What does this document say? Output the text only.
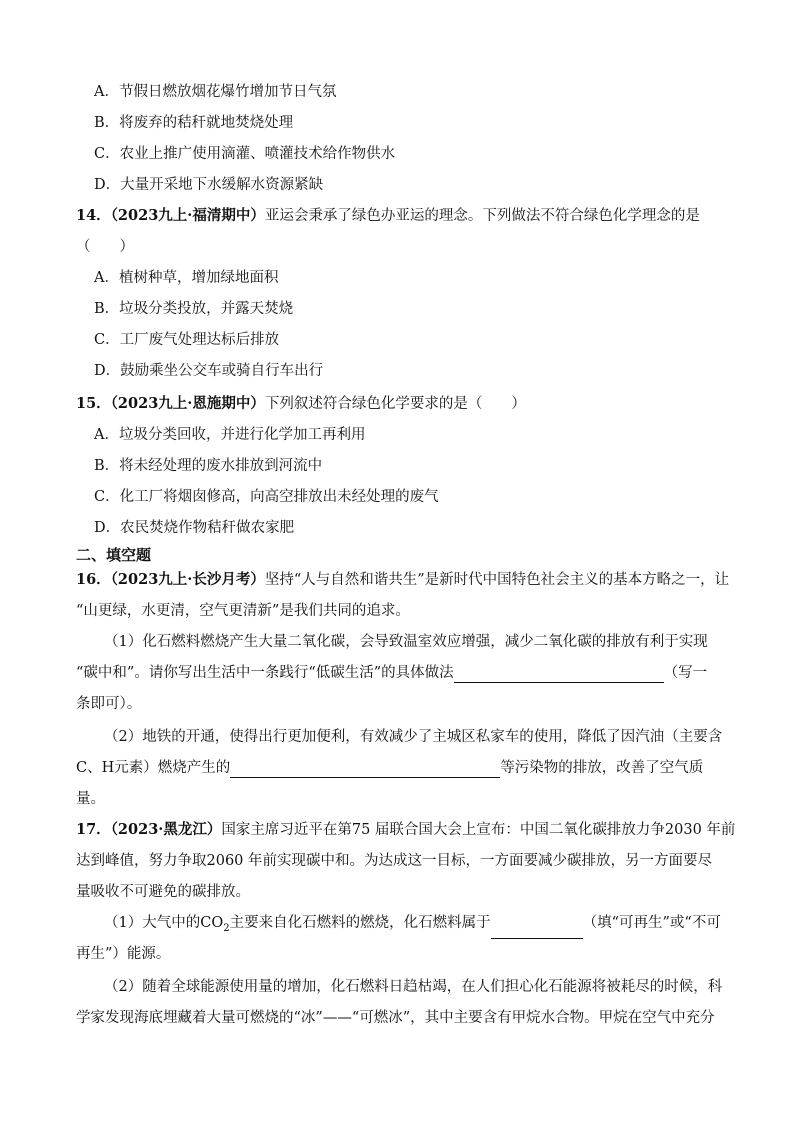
A．节假日燃放烟花爆竹增加节日气氛
B．将废弃的秸秆就地焚烧处理
C．农业上推广使用滴灌、喷灌技术给作物供水
D．大量开采地下水缓解水资源紧缺
14．（2023九上·福清期中）亚运会秉承了绿色办亚运的理念。下列做法不符合绿色化学理念的是
（　　）
A．植树种草，增加绿地面积
B．垃圾分类投放，并露天焚烧
C．工厂废气处理达标后排放
D．鼓励乘坐公交车或骑自行车出行
15．（2023九上·恩施期中）下列叙述符合绿色化学要求的是（　　）
A．垃圾分类回收，并进行化学加工再利用
B．将未经处理的废水排放到河流中
C．化工厂将烟囱修高，向高空排放出未经处理的废气
D．农民焚烧作物秸秆做农家肥
二、填空题
16．（2023九上·长沙月考）坚持“人与自然和谐共生”是新时代中国特色社会主义的基本方略之一，让
“山更绿，水更清，空气更清新”是我们共同的追求。
（1）化石燃料燃烧产生大量二氧化碳，会导致温室效应增强，减少二氧化碳的排放有利于实现
“碳中和”。请你写出生活中一条践行“低碳生活”的具体做法	（写一
条即可）。
（2）地铁的开通，使得出行更加便利，有效减少了主城区私家车的使用，降低了因汽油（主要含
C、H元素）燃烧产生的	等污染物的排放，改善了空气质
量。
17．（2023·黑龙江）国家主席习近平在第75 届联合国大会上宣布：中国二氧化碳排放力争2030 年前
达到峰值，努力争取2060 年前实现碳中和。为达成这一目标，一方面要减少碳排放，另一方面要尽
量吸收不可避免的碳排放。
（1）大气中的$CO_2$主要来自化石燃料的燃烧，化石燃料属于	（填“可再生”或“不可
再生”）能源。
（2）随着全球能源使用量的增加，化石燃料日趋枯竭，在人们担心化石能源将被耗尽的时候，科
学家发现海底埋藏着大量可燃烧的“冰”——“可燃冰”，其中主要含有甲烷水合物。甲烷在空气中充分
